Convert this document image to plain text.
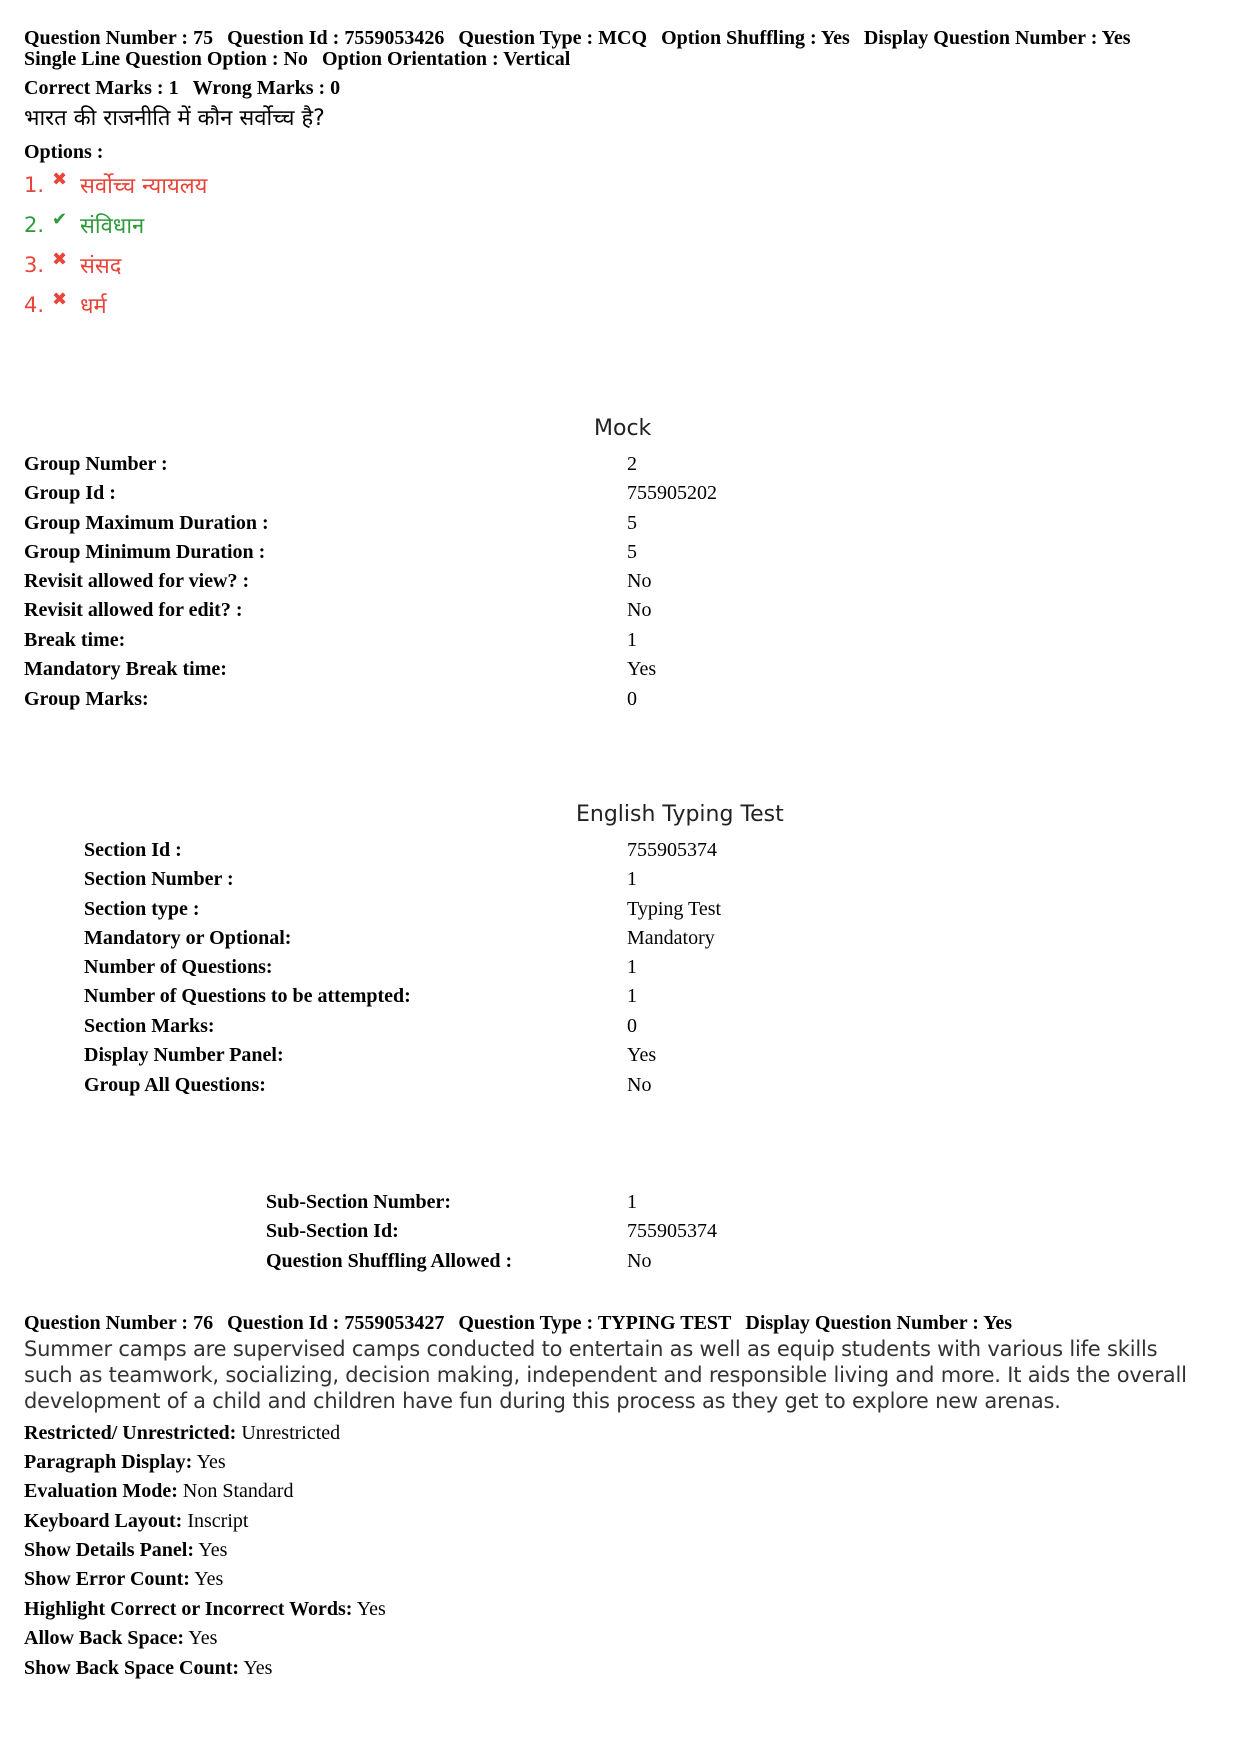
Question Number : 75 Question Id : 7559053426 Question Type : MCQ Option Shuffling : Yes Display Question Number : Yes
Single Line Question Option : No Option Orientation : Vertical
Correct Marks : 1 Wrong Marks : 0
भारत की राजनीति में कौन सर्वोच्च है?
Options :
1. ✖ सर्वोच्च न्यायलय
2. ✔ संविधान
3. ✖ संसद
4. ✖ धर्म
Mock
Group Number :	2
Group Id :	755905202
Group Maximum Duration :	5
Group Minimum Duration :	5
Revisit allowed for view? :	No
Revisit allowed for edit? :	No
Break time:	1
Mandatory Break time:	Yes
Group Marks:	0
English Typing Test
Section Id :	755905374
Section Number :	1
Section type :	Typing Test
Mandatory or Optional:	Mandatory
Number of Questions:	1
Number of Questions to be attempted:	1
Section Marks:	0
Display Number Panel:	Yes
Group All Questions:	No
Sub-Section Number:	1
Sub-Section Id:	755905374
Question Shuffling Allowed :	No
Question Number : 76 Question Id : 7559053427 Question Type : TYPING TEST Display Question Number : Yes
Summer camps are supervised camps conducted to entertain as well as equip students with various life skills such as teamwork, socializing, decision making, independent and responsible living and more. It aids the overall development of a child and children have fun during this process as they get to explore new arenas.
Restricted/ Unrestricted: Unrestricted
Paragraph Display: Yes
Evaluation Mode: Non Standard
Keyboard Layout: Inscript
Show Details Panel: Yes
Show Error Count: Yes
Highlight Correct or Incorrect Words: Yes
Allow Back Space: Yes
Show Back Space Count: Yes
